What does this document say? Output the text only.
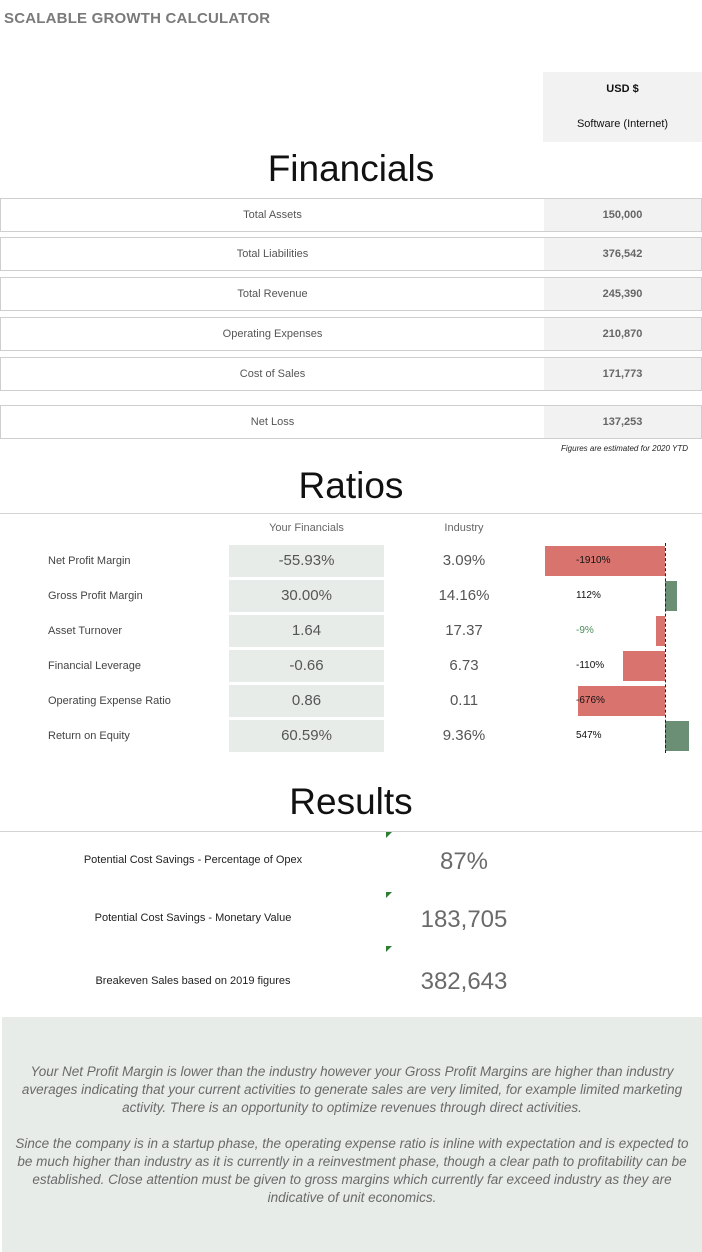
SCALABLE GROWTH CALCULATOR
USD $
Software (Internet)
Financials
Total Assets	150,000
Total Liabilities	376,542
Total Revenue	245,390
Operating Expenses	210,870
Cost of Sales	171,773
Net Loss	137,253
Figures are estimated for 2020 YTD
Ratios
Your Financials	Industry
Net Profit Margin	-55.93%	3.09%	-1910%
Gross Profit Margin	30.00%	14.16%	112%
Asset Turnover	1.64	17.37	-9%
Financial Leverage	-0.66	6.73	-110%
Operating Expense Ratio	0.86	0.11	-676%
Return on Equity	60.59%	9.36%	547%
Results
Potential Cost Savings - Percentage of Opex	87%
Potential Cost Savings - Monetary Value	183,705
Breakeven Sales based on 2019 figures	382,643

Your Net Profit Margin is lower than the industry however your Gross Profit Margins are higher than industry averages indicating that your current activities to generate sales are very limited, for example limited marketing activity. There is an opportunity to optimize revenues through direct activities.

Since the company is in a startup phase, the operating expense ratio is inline with expectation and is expected to be much higher than industry as it is currently in a reinvestment phase, though a clear path to profitability can be established. Close attention must be given to gross margins which currently far exceed industry as they are indicative of unit economics.
